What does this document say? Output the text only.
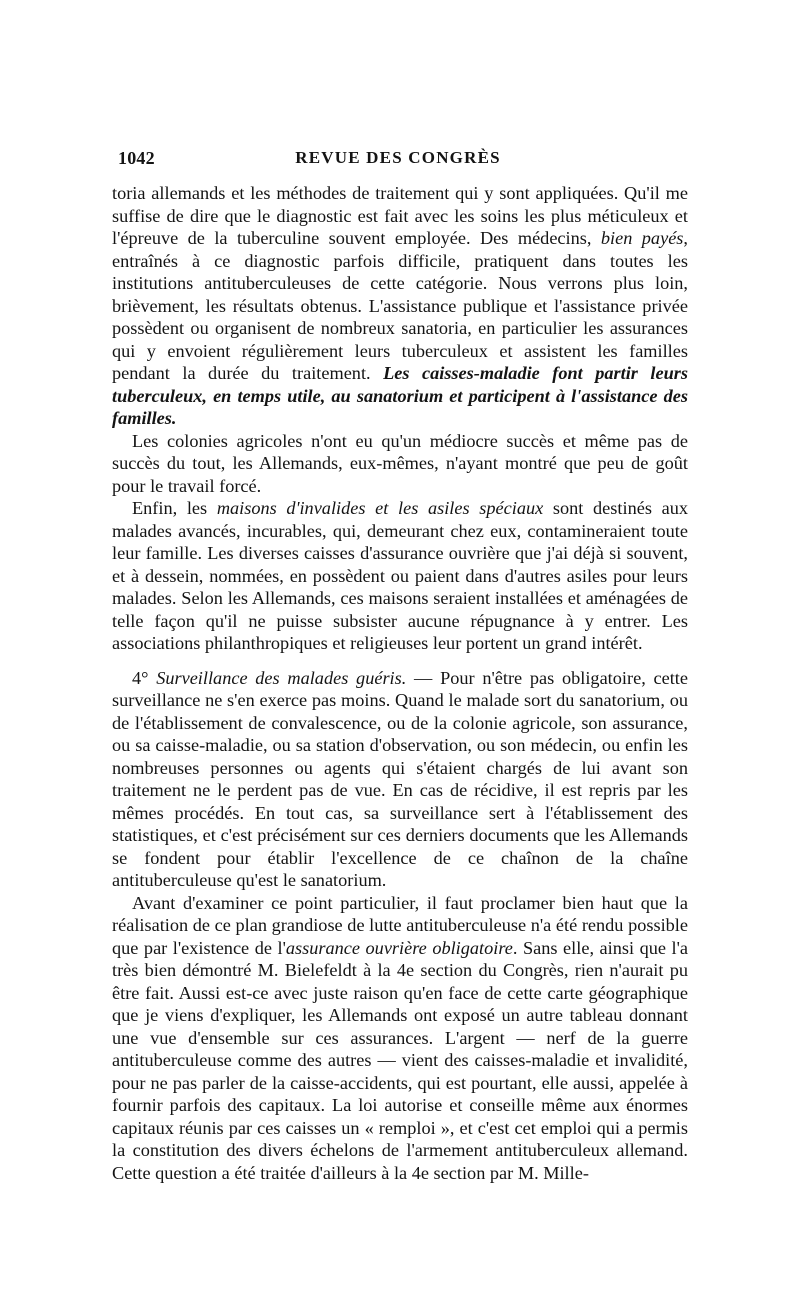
1042	REVUE DES CONGRÈS

toria allemands et les méthodes de traitement qui y sont appliquées. Qu'il me suffise de dire que le diagnostic est fait avec les soins les plus méticuleux et l'épreuve de la tuberculine souvent employée. Des médecins, bien payés, entraînés à ce diagnostic parfois difficile, pratiquent dans toutes les institutions antituberculeuses de cette catégorie. Nous verrons plus loin, brièvement, les résultats obtenus. L'assistance publique et l'assistance privée possèdent ou organisent de nombreux sanatoria, en particulier les assurances qui y envoient régulièrement leurs tuberculeux et assistent les familles pendant la durée du traitement. Les caisses-maladie font partir leurs tuberculeux, en temps utile, au sanatorium et participent à l'assistance des familles.

Les colonies agricoles n'ont eu qu'un médiocre succès et même pas de succès du tout, les Allemands, eux-mêmes, n'ayant montré que peu de goût pour le travail forcé.

Enfin, les maisons d'invalides et les asiles spéciaux sont destinés aux malades avancés, incurables, qui, demeurant chez eux, contamineraient toute leur famille. Les diverses caisses d'assurance ouvrière que j'ai déjà si souvent, et à dessein, nommées, en possèdent ou paient dans d'autres asiles pour leurs malades. Selon les Allemands, ces maisons seraient installées et aménagées de telle façon qu'il ne puisse subsister aucune répugnance à y entrer. Les associations philanthropiques et religieuses leur portent un grand intérêt.

4° Surveillance des malades guéris. — Pour n'être pas obligatoire, cette surveillance ne s'en exerce pas moins. Quand le malade sort du sanatorium, ou de l'établissement de convalescence, ou de la colonie agricole, son assurance, ou sa caisse-maladie, ou sa station d'observation, ou son médecin, ou enfin les nombreuses personnes ou agents qui s'étaient chargés de lui avant son traitement ne le perdent pas de vue. En cas de récidive, il est repris par les mêmes procédés. En tout cas, sa surveillance sert à l'établissement des statistiques, et c'est précisément sur ces derniers documents que les Allemands se fondent pour établir l'excellence de ce chaînon de la chaîne antituberculeuse qu'est le sanatorium.

Avant d'examiner ce point particulier, il faut proclamer bien haut que la réalisation de ce plan grandiose de lutte antituberculeuse n'a été rendu possible que par l'existence de l'assurance ouvrière obligatoire. Sans elle, ainsi que l'a très bien démontré M. Bielefeldt à la 4e section du Congrès, rien n'aurait pu être fait. Aussi est-ce avec juste raison qu'en face de cette carte géographique que je viens d'expliquer, les Allemands ont exposé un autre tableau donnant une vue d'ensemble sur ces assurances. L'argent — nerf de la guerre antituberculeuse comme des autres — vient des caisses-maladie et invalidité, pour ne pas parler de la caisse-accidents, qui est pourtant, elle aussi, appelée à fournir parfois des capitaux. La loi autorise et conseille même aux énormes capitaux réunis par ces caisses un « remploi », et c'est cet emploi qui a permis la constitution des divers échelons de l'armement antituberculeux allemand. Cette question a été traitée d'ailleurs à la 4e section par M. Mille-
